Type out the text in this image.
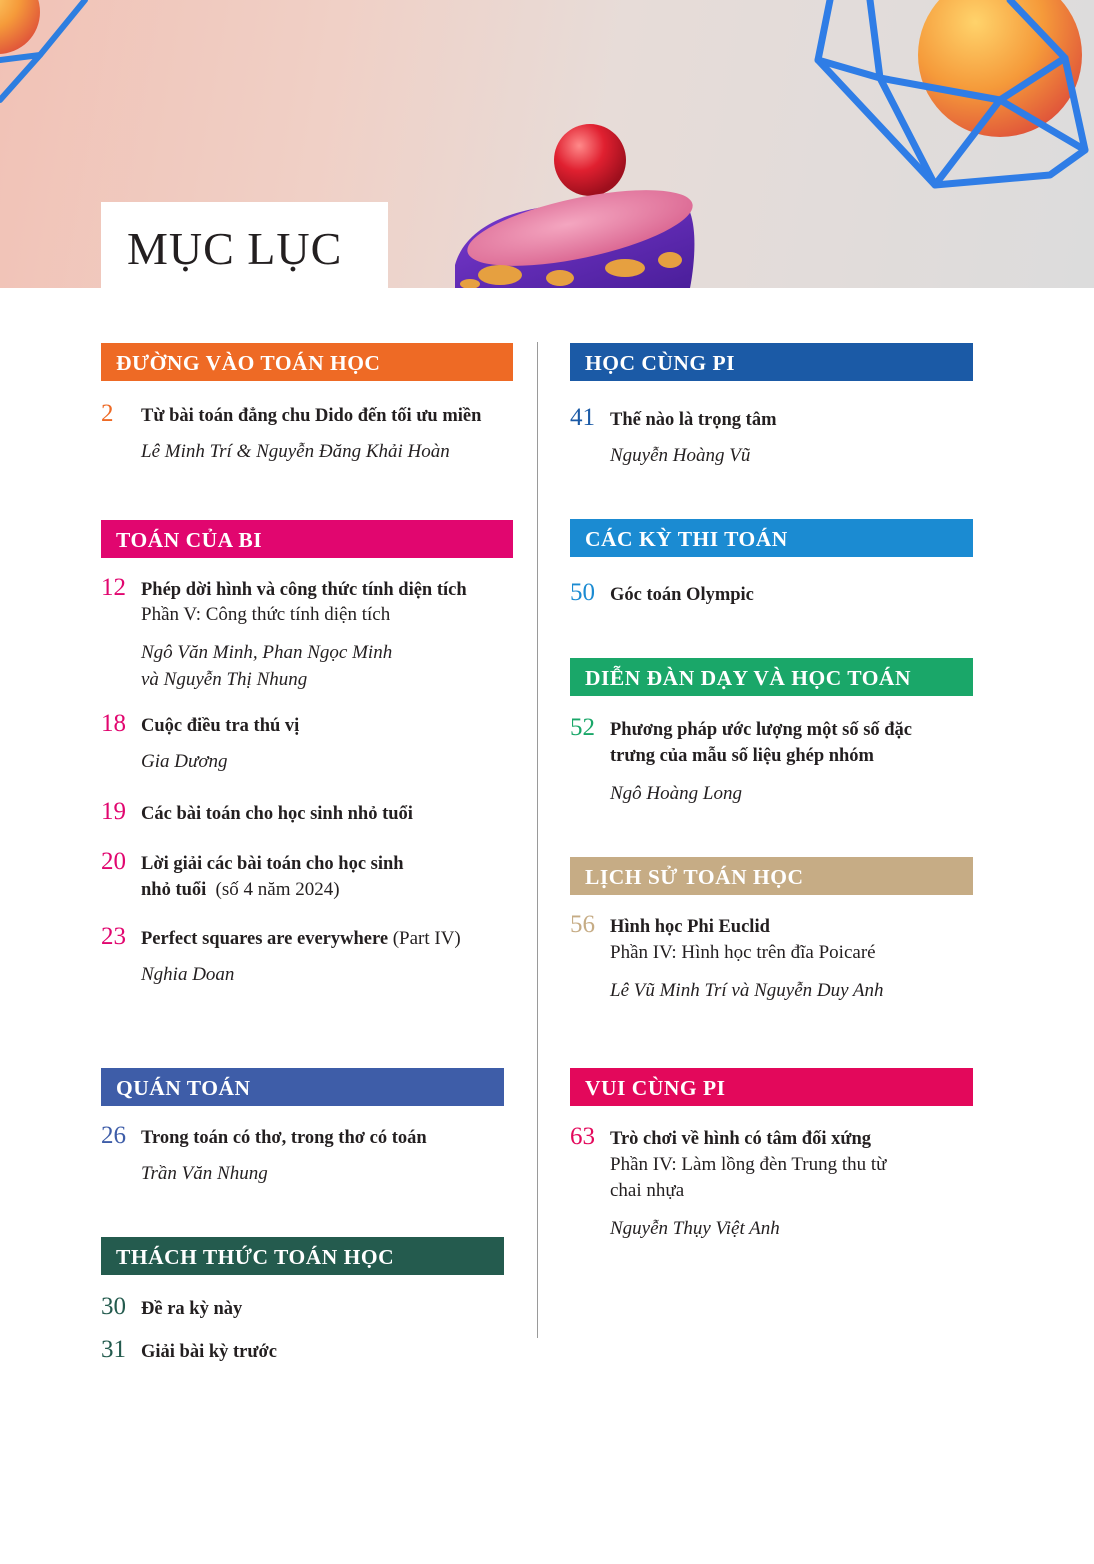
MỤC LỤC
ĐƯỜNG VÀO TOÁN HỌC
2 Từ bài toán đẳng chu Dido đến tối ưu miền
Lê Minh Trí & Nguyễn Đăng Khải Hoàn
TOÁN CỦA BI
12 Phép dời hình và công thức tính diện tích
Phần V: Công thức tính diện tích
Ngô Văn Minh, Phan Ngọc Minh
và Nguyễn Thị Nhung
18 Cuộc điều tra thú vị
Gia Dương
19 Các bài toán cho học sinh nhỏ tuổi
20 Lời giải các bài toán cho học sinh
nhỏ tuổi (số 4 năm 2024)
23 Perfect squares are everywhere (Part IV)
Nghia Doan
QUÁN TOÁN
26 Trong toán có thơ, trong thơ có toán
Trần Văn Nhung
THÁCH THỨC TOÁN HỌC
30 Đề ra kỳ này
31 Giải bài kỳ trước
HỌC CÙNG PI
41 Thế nào là trọng tâm
Nguyễn Hoàng Vũ
CÁC KỲ THI TOÁN
50 Góc toán Olympic
DIỄN ĐÀN DẠY VÀ HỌC TOÁN
52 Phương pháp ước lượng một số số đặc
trưng của mẫu số liệu ghép nhóm
Ngô Hoàng Long
LỊCH SỬ TOÁN HỌC
56 Hình học Phi Euclid
Phần IV: Hình học trên đĩa Poicaré
Lê Vũ Minh Trí và Nguyễn Duy Anh
VUI CÙNG PI
63 Trò chơi về hình có tâm đối xứng
Phần IV: Làm lồng đèn Trung thu từ
chai nhựa
Nguyễn Thụy Việt Anh
